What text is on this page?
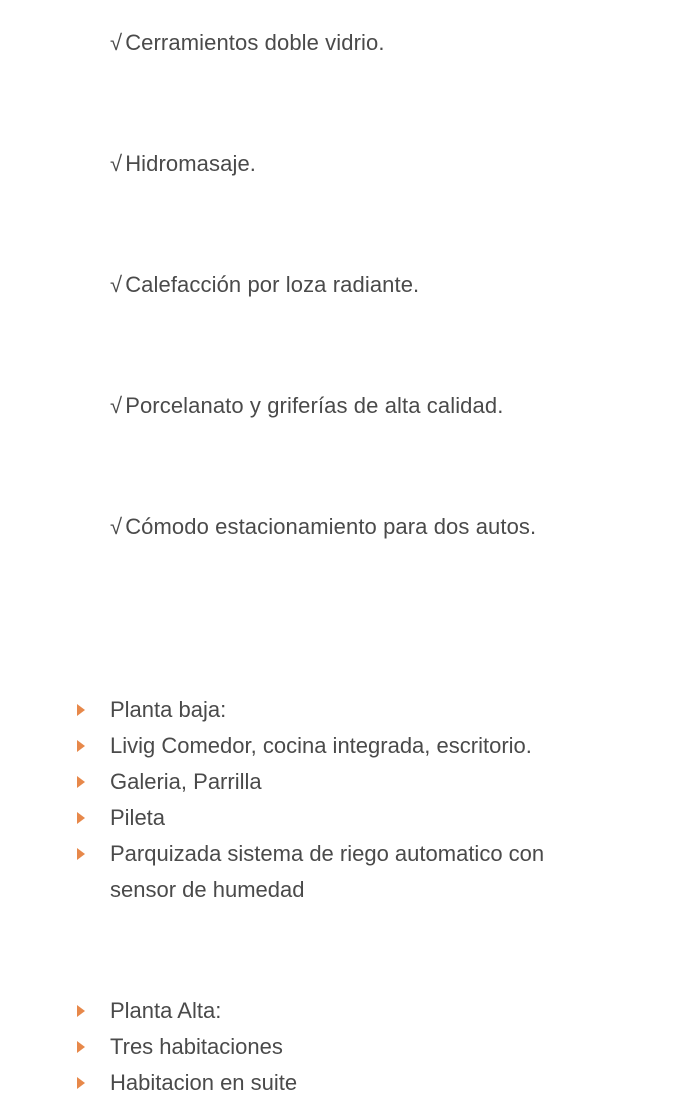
√ Cerramientos doble vidrio.
√ Hidromasaje.
√ Calefacción por loza radiante.
√ Porcelanato y griferías de alta calidad.
√ Cómodo estacionamiento para dos autos.
Planta baja:
Livig Comedor, cocina integrada, escritorio.
Galeria, Parrilla
Pileta
Parquizada sistema de riego automatico con sensor de humedad
Planta Alta:
Tres habitaciones
Habitacion en suite
